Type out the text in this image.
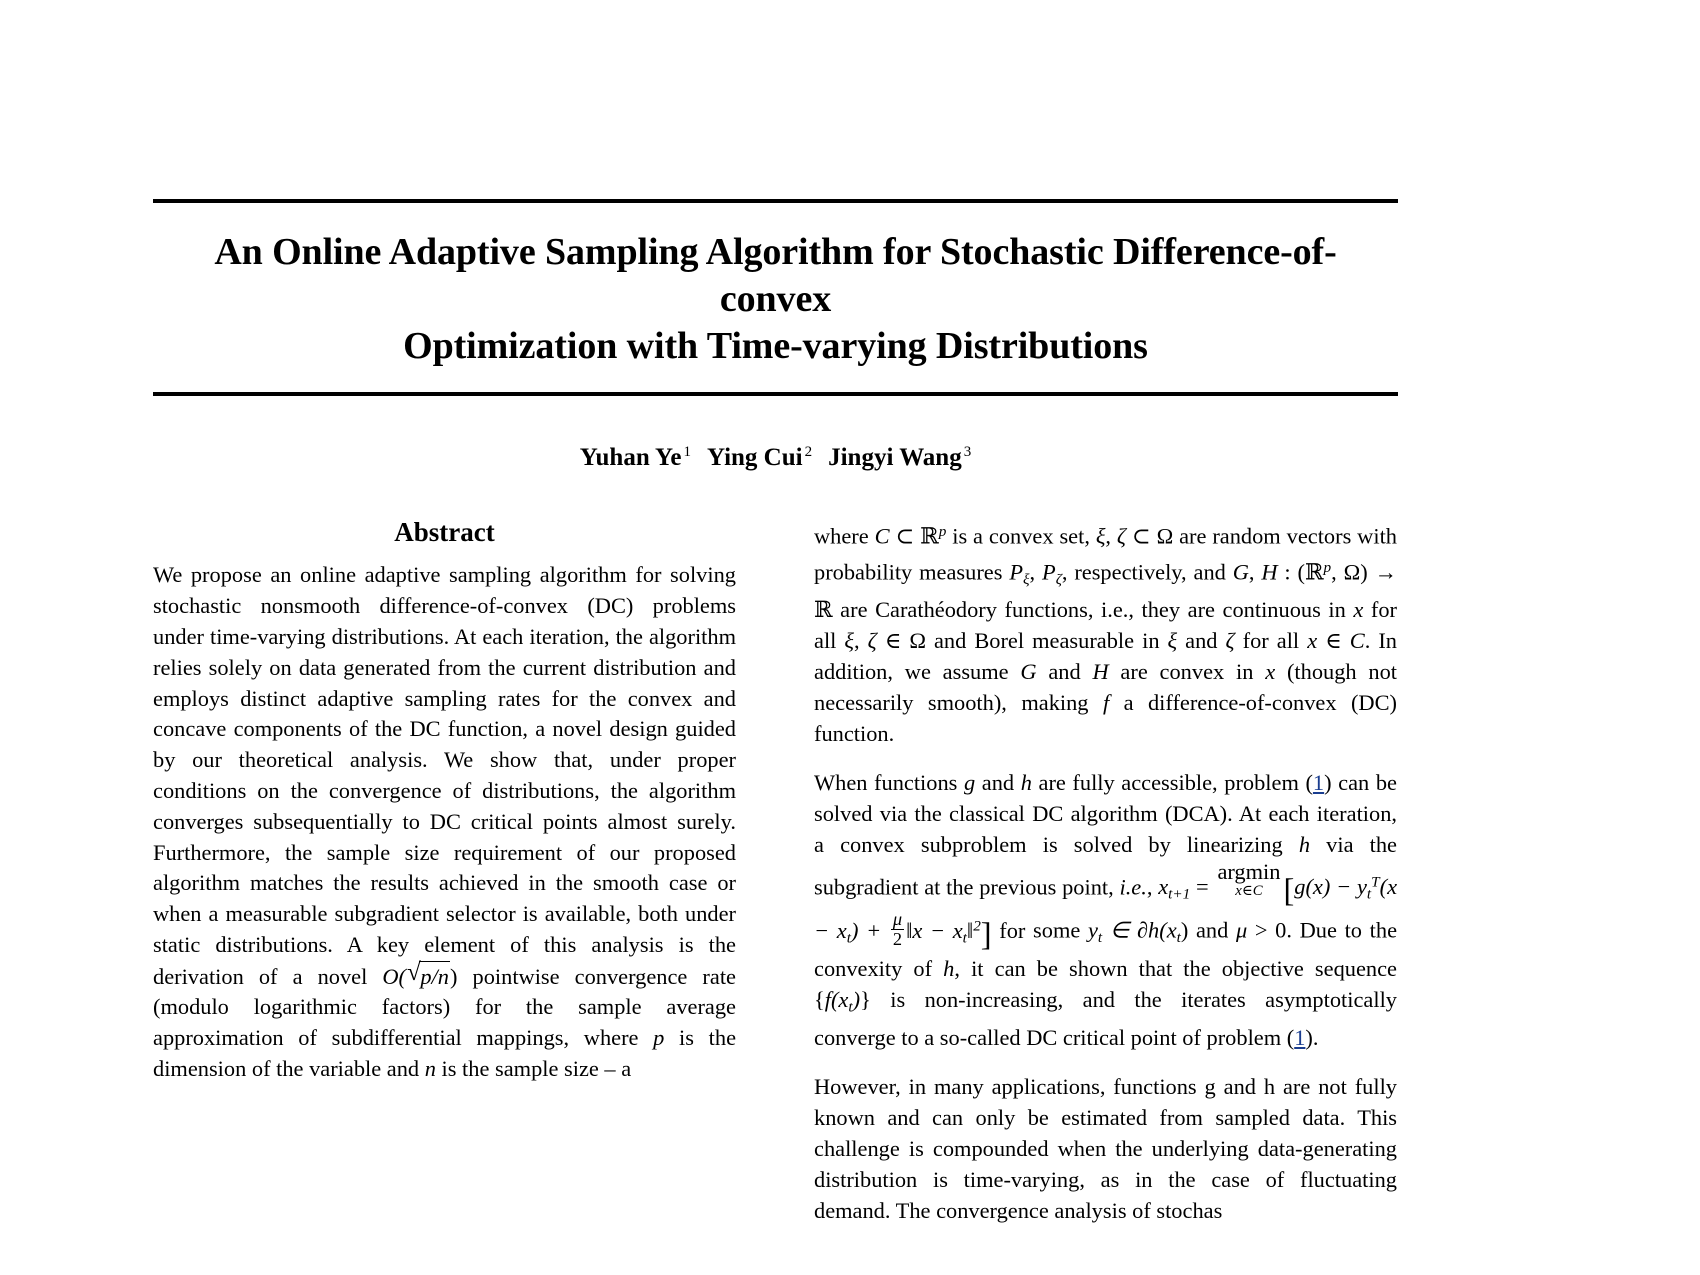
An Online Adaptive Sampling Algorithm for Stochastic Difference-of-convex
Optimization with Time-varying Distributions
Yuhan Ye $^1$ Ying Cui $^2$ Jingyi Wang $^3$
Abstract

We propose an online adaptive sampling algorithm for solving stochastic nonsmooth difference-of-convex (DC) problems under time-varying distributions. At each iteration, the algorithm relies solely on data generated from the current distribution and employs distinct adaptive sampling rates for the convex and concave components of the DC function, a novel design guided by our theoretical analysis. We show that, under proper conditions on the convergence of distributions, the algorithm converges subsequentially to DC critical points almost surely. Furthermore, the sample size requirement of our proposed algorithm matches the results achieved in the smooth case or when a measurable subgradient selector is available, both under static distributions. A key element of this analysis is the derivation of a novel O( √ p/n) pointwise convergence rate (modulo logarithmic factors) for the sample average approximation of subdifferential mappings, where p is the dimension of the variable and n is the sample size – a

where C ⊂ ℝ$^p$ is a convex set, ξ, ζ ⊂ Ω are random vectors with probability measures $P_\xi$, $P_\zeta$, respectively, and G, H : (ℝ$^p$, Ω) → ℝ are Carathéodory functions, i.e., they are continuous in x for all ξ, ζ ∈ Ω and Borel measurable in ξ and ζ for all x ∈ C. In addition, we assume G and H are convex in x (though not necessarily smooth), making f a difference-of-convex (DC) function.

When functions g and h are fully accessible, problem (1) can be solved via the classical DC algorithm (DCA). At each iteration, a convex subproblem is solved by linearizing h via the subgradient at the previous point, i.e., $x_{t+1}$ =
argmin
x∈C [$g(x) - y_t^T(x - x_t) + \frac{\mu}{2}$ ‖x − $x_t‖^2$] for some $y_t$ ∈ $\partial h(x_t)$ and μ > 0. Due to the convexity of h, it can be shown that the objective sequence $\{f(x_t)\}$ is non-increasing, and the iterates asymptotically converge to a so-called DC critical point of problem (1).

However, in many applications, functions g and h are not fully known and can only be estimated from sampled data. This challenge is compounded when the underlying data-generating distribution is time-varying, as in the case of fluctuating demand. The convergence analysis of stochas
